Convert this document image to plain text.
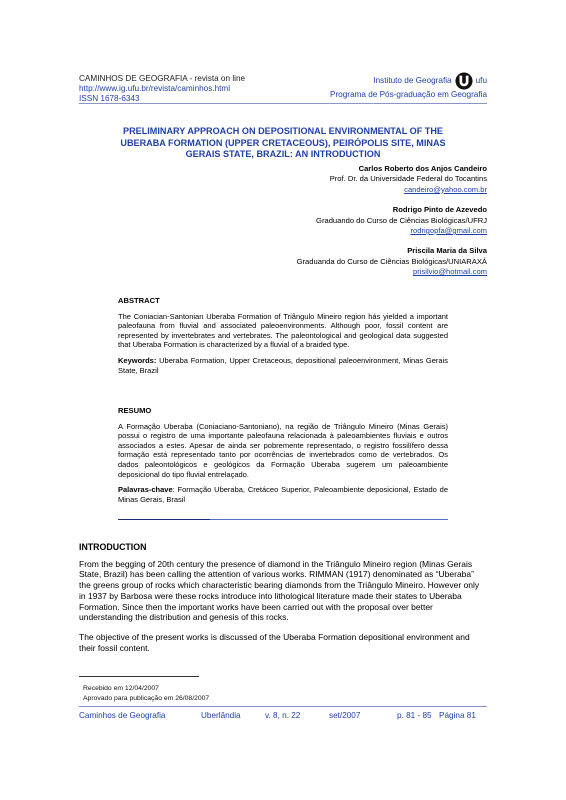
CAMINHOS DE GEOGRAFIA - revista on line
http://www.ig.ufu.br/revista/caminhos.html
ISSN 1678-6343
Instituto de Geografia	ufu
Programa de Pós-graduação em Geografia
PRELIMINARY APPROACH ON DEPOSITIONAL ENVIRONMENTAL OF THE
UBERABA FORMATION (UPPER CRETACEOUS), PEIRÓPOLIS SITE, MINAS
GERAIS STATE, BRAZIL: AN INTRODUCTION
Carlos Roberto dos Anjos Candeiro
Prof. Dr. da Universidade Federal do Tocantins
candeiro@yahoo.com.br
Rodrigo Pinto de Azevedo
Graduando do Curso de Ciências Biológicas/UFRJ
rodrigopfa@gmail.com
Priscila Maria da Silva
Graduanda do Curso de Ciências Biológicas/UNIARAXÁ
prisilvio@hotmail.com
ABSTRACT

The Coniacian-Santonian Uberaba Formation of Triângulo Mineiro region hás yielded a important paleofauna from fluvial and associated paleoenvironments. Although poor, fossil content are represented by invertebrates and vertebrates. The paleontological and geological data suggested that Uberaba Formation is characterized by a fluvial of a braided type.

Keywords: Uberaba Formation, Upper Cretaceous, depositional paleoenvironment, Minas Gerais State, Brazil

RESUMO

A Formação Uberaba (Coniaciano-Santoniano), na região de Triângulo Mineiro (Minas Gerais) possui o registro de uma importante paleofauna relacionada à paleoambientes fluviais e outros associados a estes. Apesar de ainda ser pobremente representado, o registro fossilífero dessa formação está representado tanto por ocorrências de invertebrados como de vertebrados. Os dados paleontológicos e geológicos da Formação Uberaba sugerem um paleoambiente deposicional do tipo fluvial entrelaçado.

Palavras-chave: Formação Uberaba, Cretáceo Superior, Paleoambiente deposicional, Estado de Minas Gerais, Brasil

INTRODUCTION

From the begging of 20th century the presence of diamond in the Triângulo Mineiro region (Minas Gerais State, Brazil) has been calling the attention of various works. RIMMAN (1917) denominated as “Uberaba” the greens group of rocks which characteristic bearing diamonds from the Triângulo Mineiro. However only in 1937 by Barbosa were these rocks introduce into lithological literature made their states to Uberaba Formation. Since then the important works have been carried out with the proposal over better understanding the distribution and genesis of this rocks.

The objective of the present works is discussed of the Uberaba Formation depositional environment and their fossil content.

Recebido em 12/04/2007
Aprovado para publicação em 26/08/2007
Caminhos de Geografia	Uberlândia	v. 8, n. 22	set/2007	p. 81 - 85 Página 81
